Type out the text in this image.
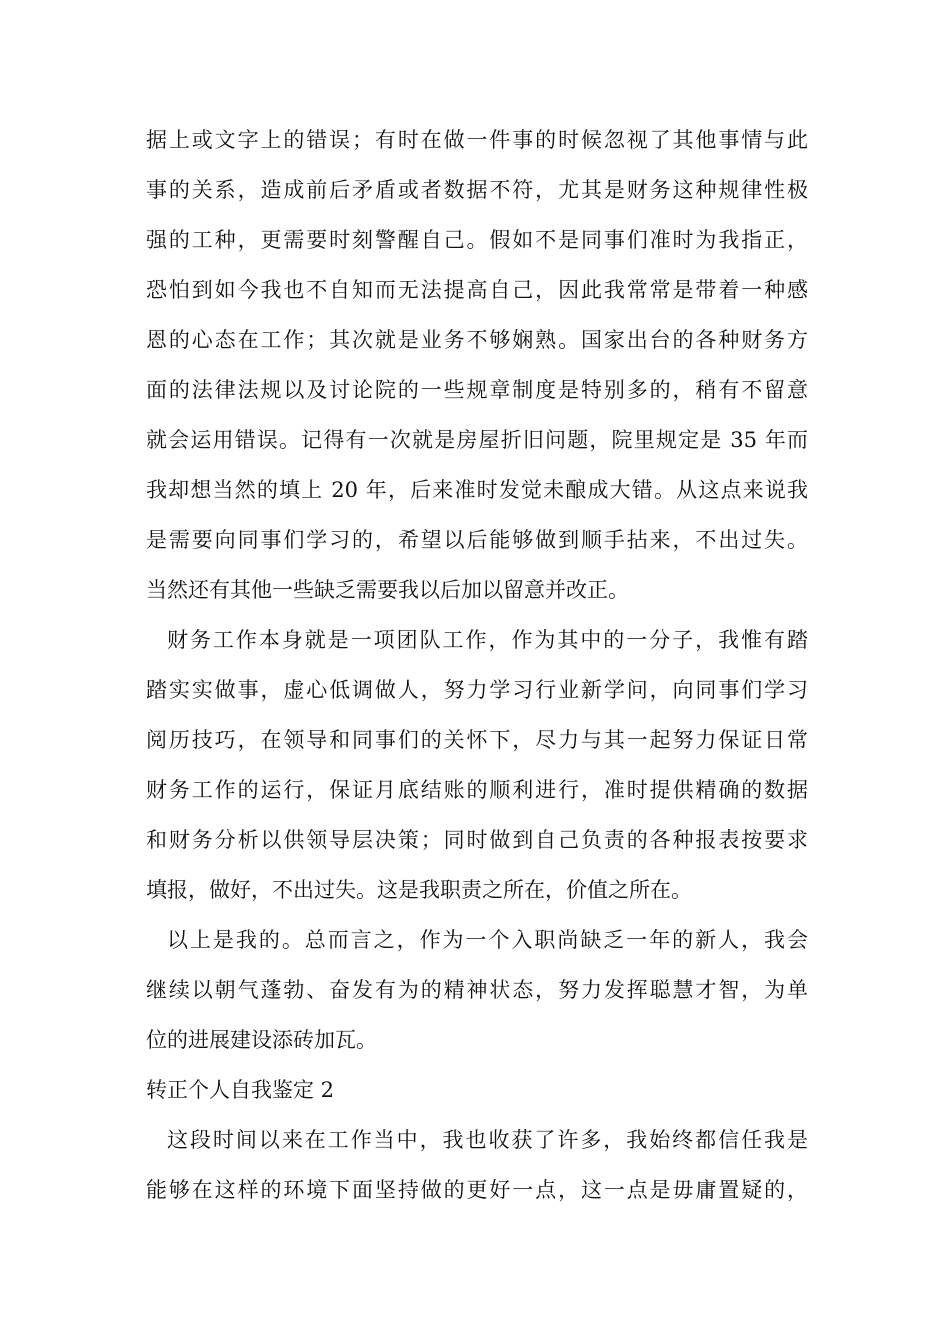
据上或文字上的错误；有时在做一件事的时候忽视了其他事情与此
事的关系，造成前后矛盾或者数据不符，尤其是财务这种规律性极
强的工种，更需要时刻警醒自己。假如不是同事们准时为我指正，
恐怕到如今我也不自知而无法提高自己，因此我常常是带着一种感
恩的心态在工作；其次就是业务不够娴熟。国家出台的各种财务方
面的法律法规以及讨论院的一些规章制度是特别多的，稍有不留意
就会运用错误。记得有一次就是房屋折旧问题，院里规定是 35 年而
我却想当然的填上 20 年，后来准时发觉未酿成大错。从这点来说我
是需要向同事们学习的，希望以后能够做到顺手拈来，不出过失。
当然还有其他一些缺乏需要我以后加以留意并改正。
财务工作本身就是一项团队工作，作为其中的一分子，我惟有踏
踏实实做事，虚心低调做人，努力学习行业新学问，向同事们学习
阅历技巧，在领导和同事们的关怀下，尽力与其一起努力保证日常
财务工作的运行，保证月底结账的顺利进行，准时提供精确的数据
和财务分析以供领导层决策；同时做到自己负责的各种报表按要求
填报，做好，不出过失。这是我职责之所在，价值之所在。
以上是我的。总而言之，作为一个入职尚缺乏一年的新人，我会
继续以朝气蓬勃、奋发有为的精神状态，努力发挥聪慧才智，为单
位的进展建设添砖加瓦。
转正个人自我鉴定 2
这段时间以来在工作当中，我也收获了许多，我始终都信任我是
能够在这样的环境下面坚持做的更好一点，这一点是毋庸置疑的，
